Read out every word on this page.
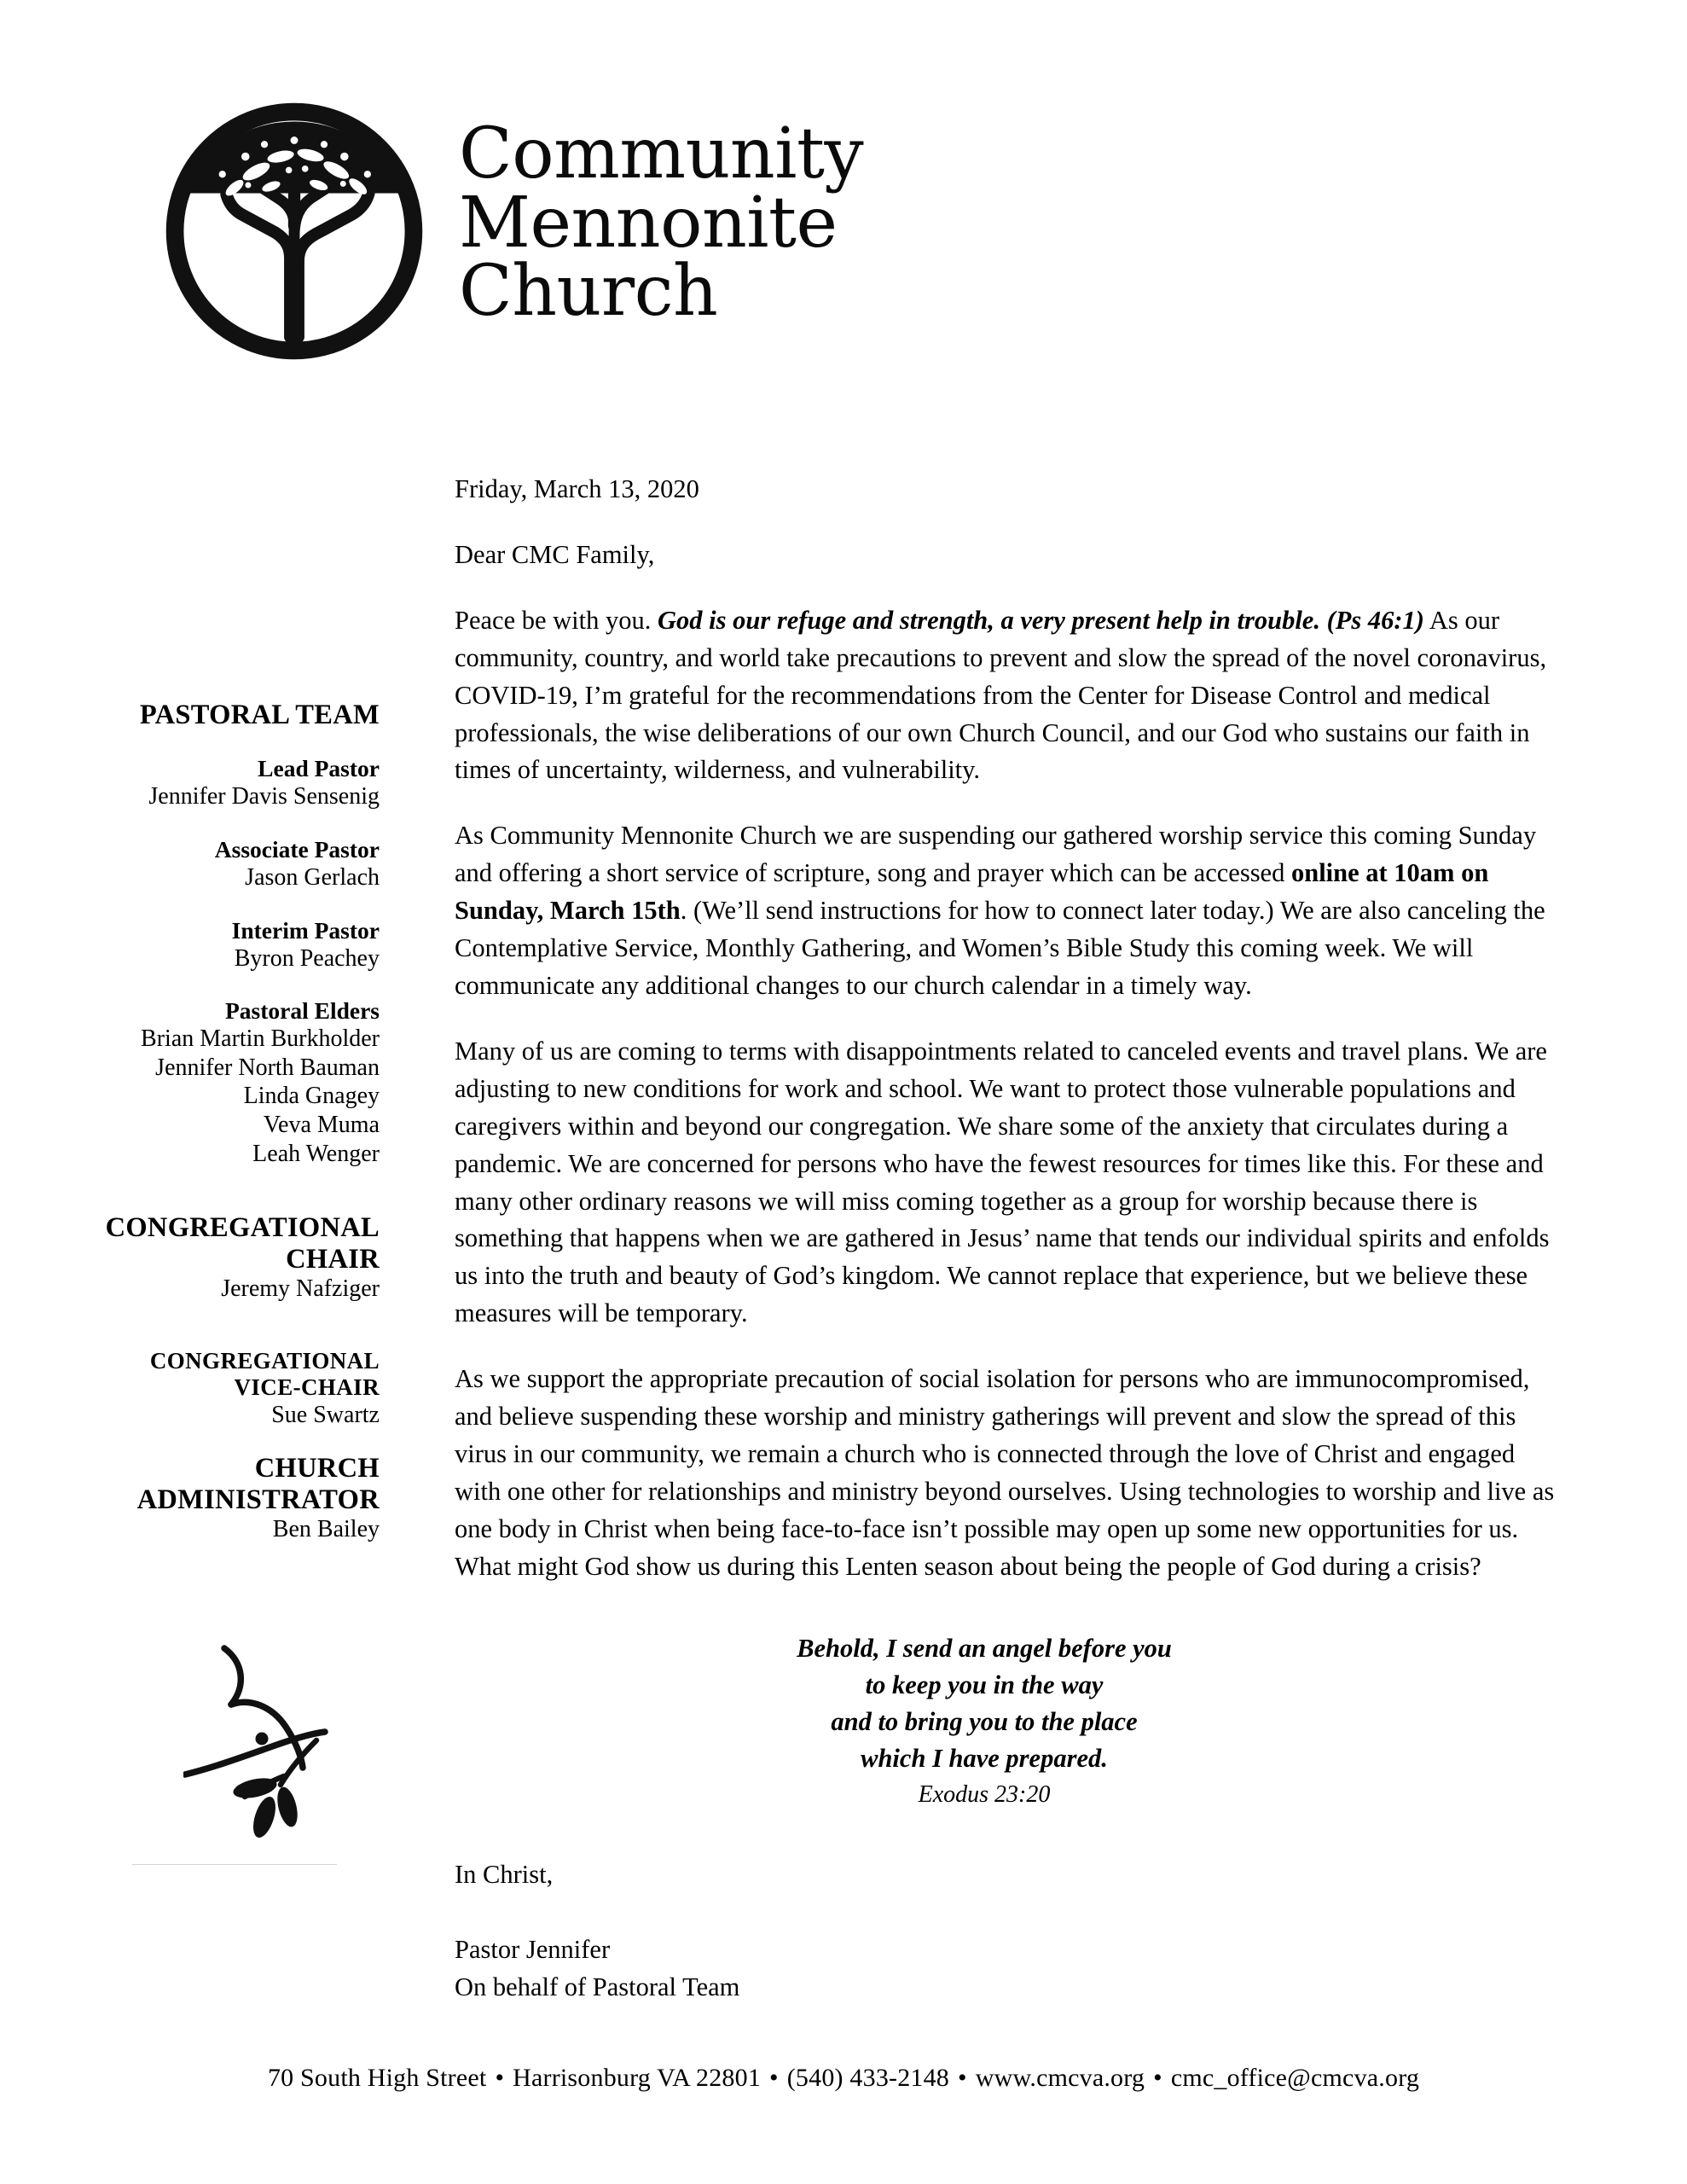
Community
Mennonite
Church
PASTORAL TEAM
Lead Pastor
Jennifer Davis Sensenig
Associate Pastor
Jason Gerlach
Interim Pastor
Byron Peachey
Pastoral Elders
Brian Martin Burkholder
Jennifer North Bauman
Linda Gnagey
Veva Muma
Leah Wenger
CONGREGATIONAL
CHAIR
Jeremy Nafziger
CONGREGATIONAL
VICE-CHAIR
Sue Swartz
CHURCH
ADMINISTRATOR
Ben Bailey

Friday, March 13, 2020

Dear CMC Family,

Peace be with you. God is our refuge and strength, a very present help in trouble. (Ps 46:1) As our community, country, and world take precautions to prevent and slow the spread of the novel coronavirus, COVID-19, I’m grateful for the recommendations from the Center for Disease Control and medical professionals, the wise deliberations of our own Church Council, and our God who sustains our faith in times of uncertainty, wilderness, and vulnerability.

As Community Mennonite Church we are suspending our gathered worship service this coming Sunday and offering a short service of scripture, song and prayer which can be accessed online at 10am on Sunday, March 15th. (We’ll send instructions for how to connect later today.) We are also canceling the Contemplative Service, Monthly Gathering, and Women’s Bible Study this coming week. We will communicate any additional changes to our church calendar in a timely way.

Many of us are coming to terms with disappointments related to canceled events and travel plans. We are adjusting to new conditions for work and school. We want to protect those vulnerable populations and caregivers within and beyond our congregation. We share some of the anxiety that circulates during a pandemic. We are concerned for persons who have the fewest resources for times like this. For these and many other ordinary reasons we will miss coming together as a group for worship because there is something that happens when we are gathered in Jesus’ name that tends our individual spirits and enfolds us into the truth and beauty of God’s kingdom. We cannot replace that experience, but we believe these measures will be temporary.

As we support the appropriate precaution of social isolation for persons who are immunocompromised, and believe suspending these worship and ministry gatherings will prevent and slow the spread of this virus in our community, we remain a church who is connected through the love of Christ and engaged with one other for relationships and ministry beyond ourselves. Using technologies to worship and live as one body in Christ when being face-to-face isn’t possible may open up some new opportunities for us. What might God show us during this Lenten season about being the people of God during a crisis?

Behold, I send an angel before you
to keep you in the way
and to bring you to the place
which I have prepared.
Exodus 23:20

In Christ,

Pastor Jennifer

On behalf of Pastoral Team

70 South High Street • Harrisonburg VA 22801 • (540) 433-2148 • www.cmcva.org • cmc_office@cmcva.org
